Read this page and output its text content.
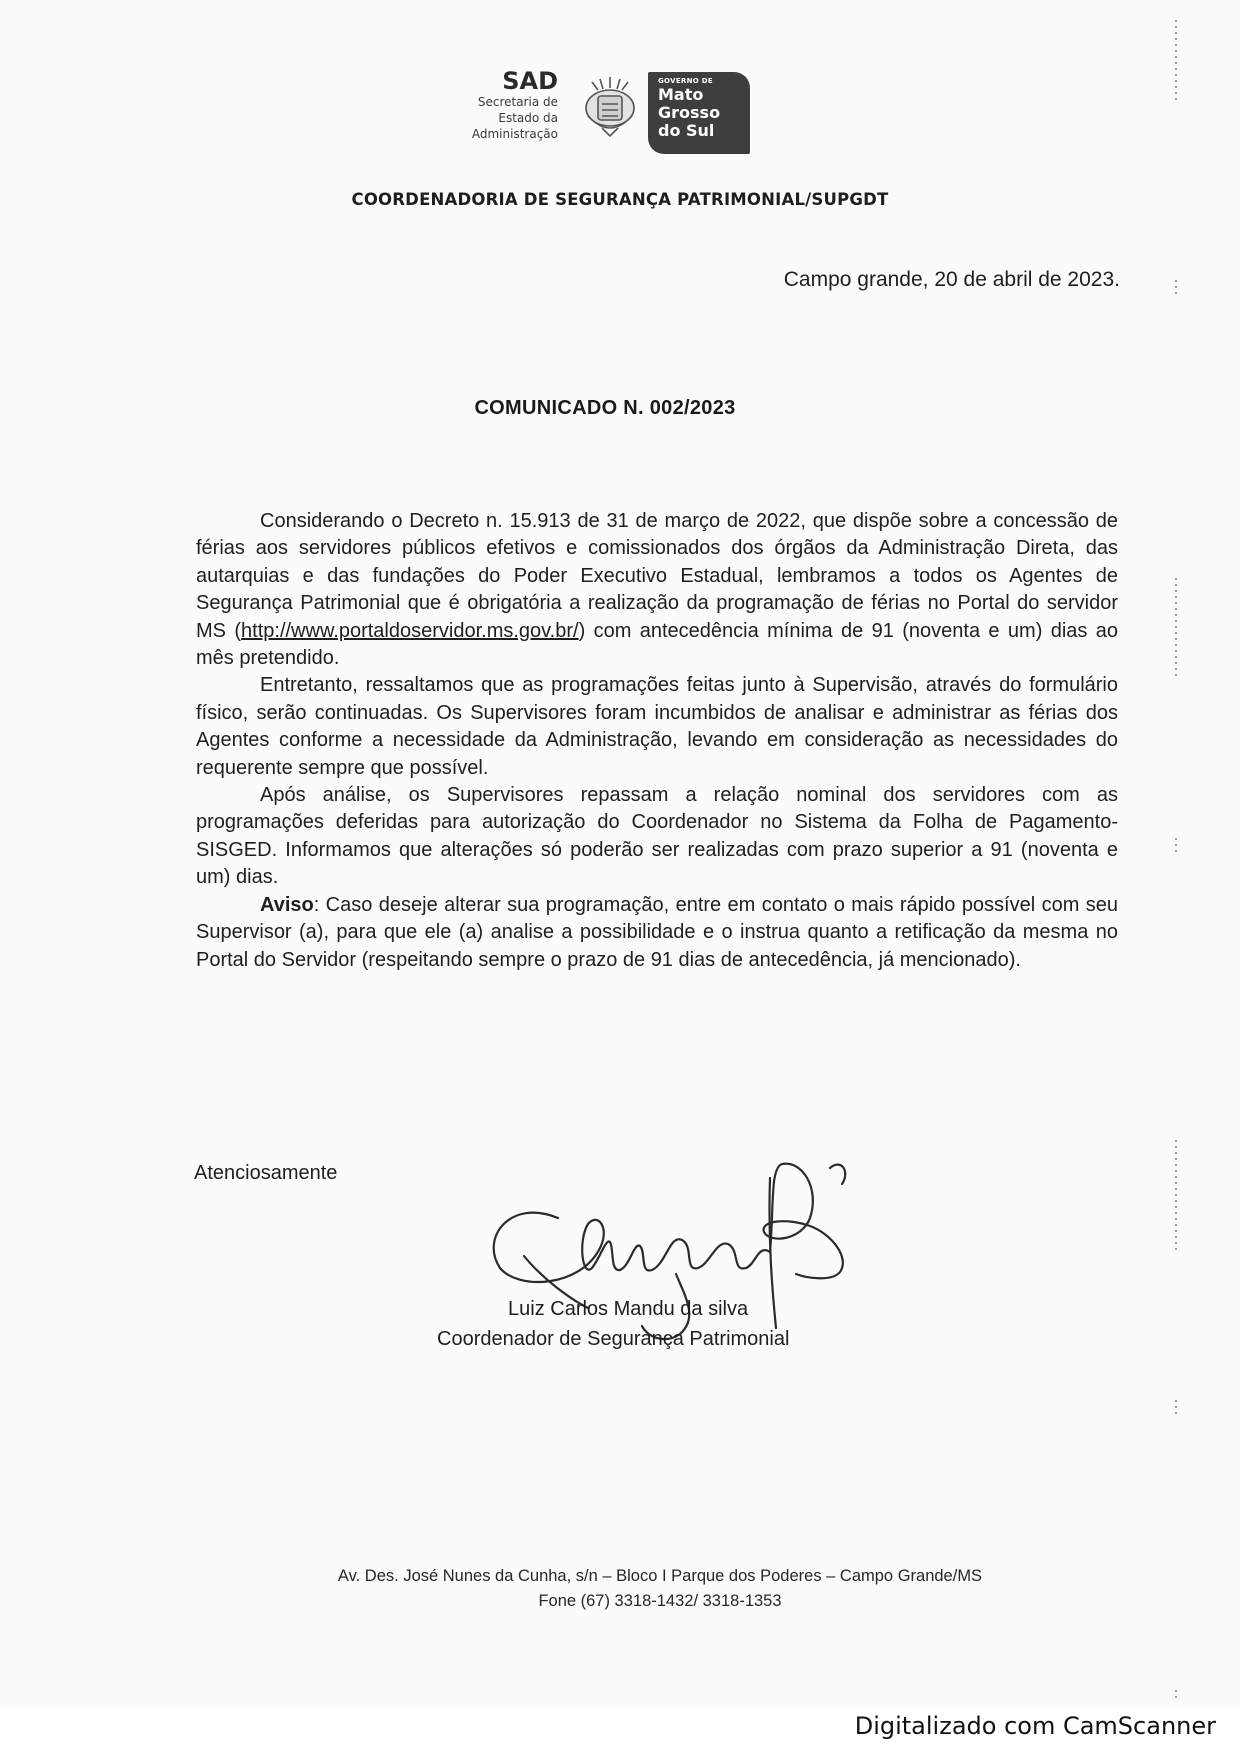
SAD
Secretaria de
Estado da
Administração
GOVERNO DE
Mato
Grosso
do Sul
COORDENADORIA DE SEGURANÇA PATRIMONIAL/SUPGDT
Campo grande, 20 de abril de 2023.
COMUNICADO N. 002/2023

Considerando o Decreto n. 15.913 de 31 de março de 2022, que dispõe sobre a concessão de férias aos servidores públicos efetivos e comissionados dos órgãos da Administração Direta, das autarquias e das fundações do Poder Executivo Estadual, lembramos a todos os Agentes de Segurança Patrimonial que é obrigatória a realização da programação de férias no Portal do servidor MS (http://www.portaldoservidor.ms.gov.br/) com antecedência mínima de 91 (noventa e um) dias ao mês pretendido.

Entretanto, ressaltamos que as programações feitas junto à Supervisão, através do formulário físico, serão continuadas. Os Supervisores foram incumbidos de analisar e administrar as férias dos Agentes conforme a necessidade da Administração, levando em consideração as necessidades do requerente sempre que possível.

Após análise, os Supervisores repassam a relação nominal dos servidores com as programações deferidas para autorização do Coordenador no Sistema da Folha de Pagamento- SISGED. Informamos que alterações só poderão ser realizadas com prazo superior a 91 (noventa e um) dias.

Aviso: Caso deseje alterar sua programação, entre em contato o mais rápido possível com seu Supervisor (a), para que ele (a) analise a possibilidade e o instrua quanto a retificação da mesma no Portal do Servidor (respeitando sempre o prazo de 91 dias de antecedência, já mencionado).

Atenciosamente
Luiz Carlos Mandu da silva
Coordenador de Segurança Patrimonial
Av. Des. José Nunes da Cunha, s/n – Bloco I Parque dos Poderes – Campo Grande/MS
Fone (67) 3318-1432/ 3318-1353
Digitalizado com CamScanner
